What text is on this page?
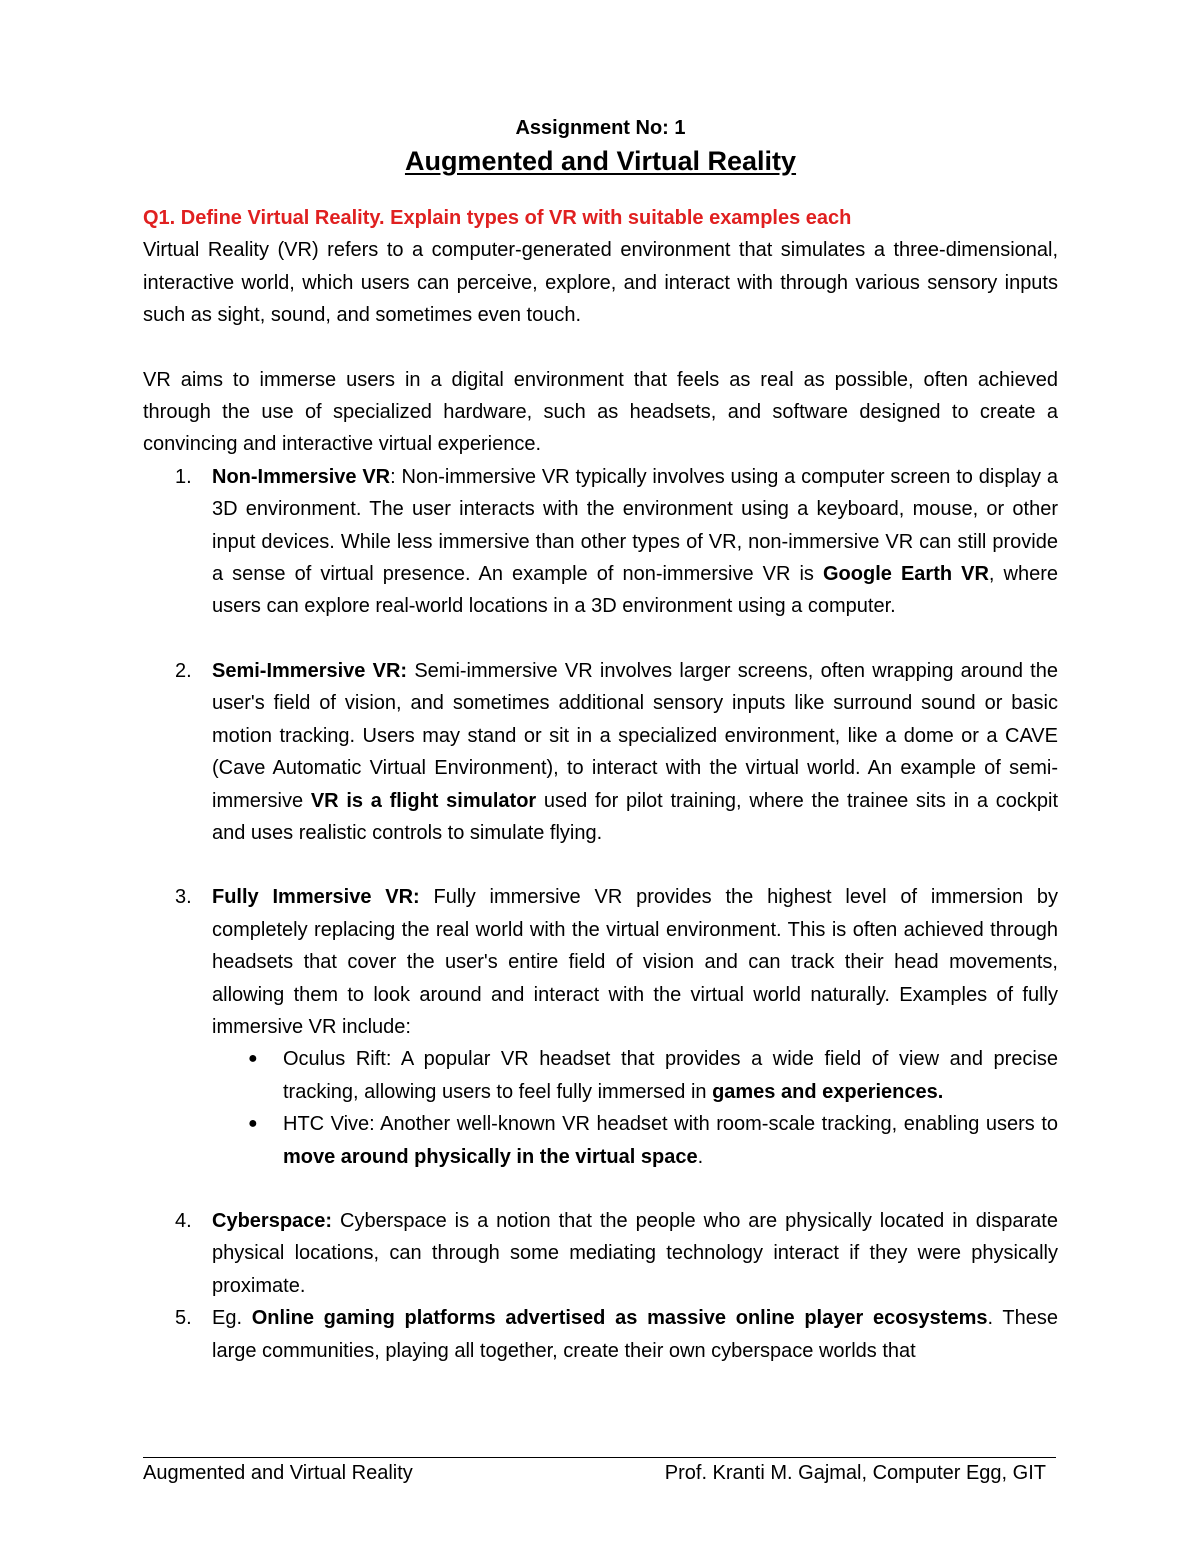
Assignment No: 1
Augmented and Virtual Reality
Q1. Define Virtual Reality. Explain types of VR with suitable examples each

Virtual Reality (VR) refers to a computer-generated environment that simulates a three-dimensional, interactive world, which users can perceive, explore, and interact with through various sensory inputs such as sight, sound, and sometimes even touch.

VR aims to immerse users in a digital environment that feels as real as possible, often achieved through the use of specialized hardware, such as headsets, and software designed to create a convincing and interactive virtual experience.

1. Non-Immersive VR: Non-immersive VR typically involves using a computer screen to display a 3D environment. The user interacts with the environment using a keyboard, mouse, or other input devices. While less immersive than other types of VR, non-immersive VR can still provide a sense of virtual presence. An example of non-immersive VR is Google Earth VR, where users can explore real-world locations in a 3D environment using a computer.
2. Semi-Immersive VR: Semi-immersive VR involves larger screens, often wrapping around the user's field of vision, and sometimes additional sensory inputs like surround sound or basic motion tracking. Users may stand or sit in a specialized environment, like a dome or a CAVE (Cave Automatic Virtual Environment), to interact with the virtual world. An example of semi-immersive VR is a flight simulator used for pilot training, where the trainee sits in a cockpit and uses realistic controls to simulate flying.
3. Fully Immersive VR: Fully immersive VR provides the highest level of immersion by completely replacing the real world with the virtual environment. This is often achieved through headsets that cover the user's entire field of vision and can track their head movements, allowing them to look around and interact with the virtual world naturally. Examples of fully immersive VR include:
● Oculus Rift: A popular VR headset that provides a wide field of view and precise tracking, allowing users to feel fully immersed in games and experiences.
● HTC Vive: Another well-known VR headset with room-scale tracking, enabling users to move around physically in the virtual space.
4. Cyberspace: Cyberspace is a notion that the people who are physically located in disparate physical locations, can through some mediating technology interact if they were physically proximate.
5. Eg. Online gaming platforms advertised as massive online player ecosystems. These large communities, playing all together, create their own cyberspace worlds that
Augmented and Virtual Reality	Prof. Kranti M. Gajmal, Computer Egg, GIT
